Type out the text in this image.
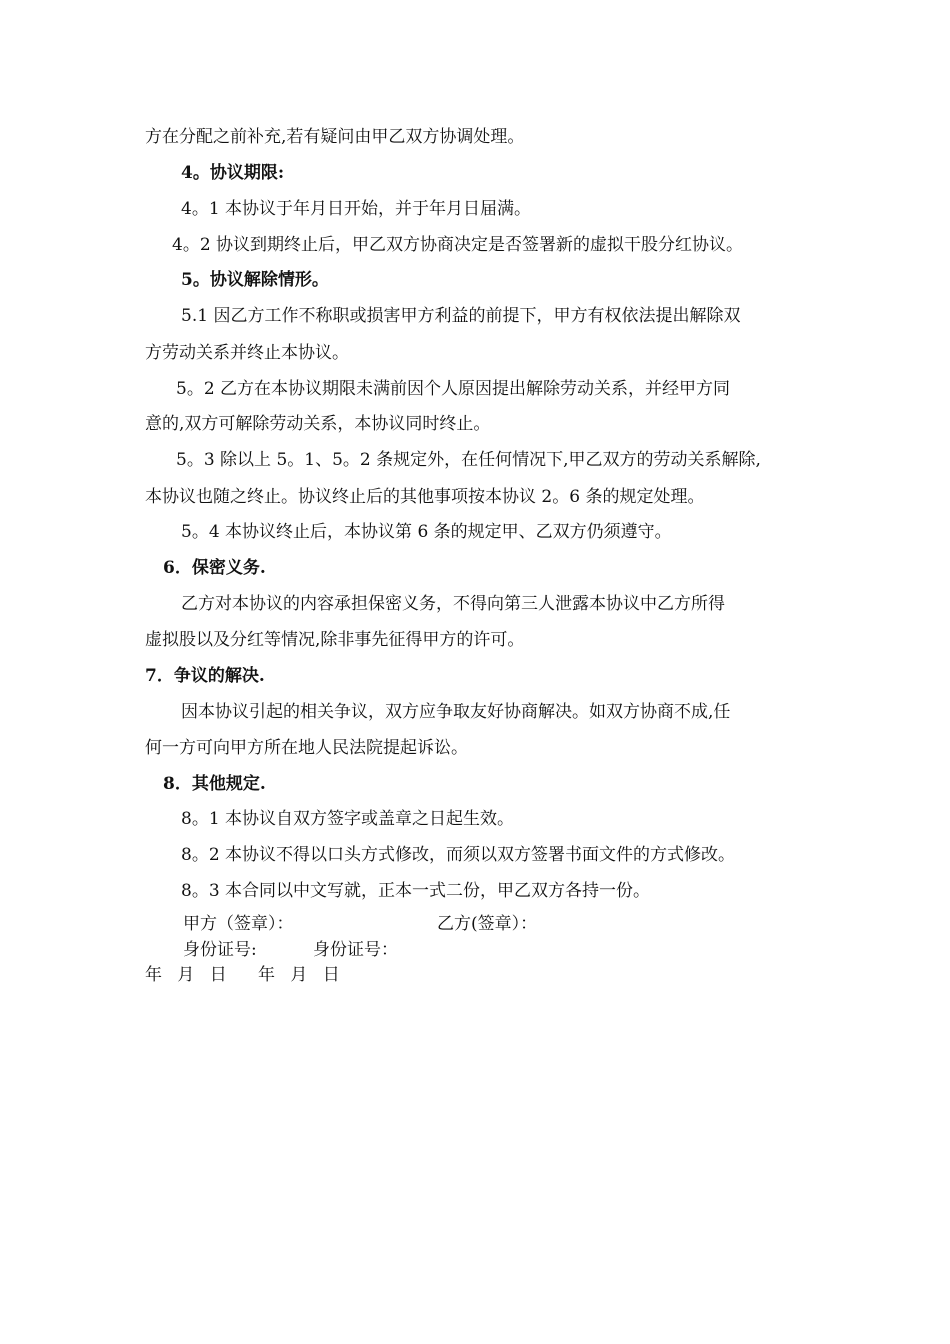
方在分配之前补充,若有疑问由甲乙双方协调处理。
4。协议期限:
4。1 本协议于年月日开始，并于年月日届满。
4。2 协议到期终止后，甲乙双方协商决定是否签署新的虚拟干股分红协议。
5。协议解除情形。
5.1 因乙方工作不称职或损害甲方利益的前提下，甲方有权依法提出解除双
方劳动关系并终止本协议。
5。2 乙方在本协议期限未满前因个人原因提出解除劳动关系，并经甲方同
意的,双方可解除劳动关系，本协议同时终止。
5。3 除以上 5。1、5。2 条规定外，在任何情况下,甲乙双方的劳动关系解除,
本协议也随之终止。协议终止后的其他事项按本协议 2。6 条的规定处理。
5。4 本协议终止后，本协议第 6 条的规定甲、乙双方仍须遵守。
6．保密义务.
乙方对本协议的内容承担保密义务，不得向第三人泄露本协议中乙方所得
虚拟股以及分红等情况,除非事先征得甲方的许可。
7．争议的解决.
因本协议引起的相关争议，双方应争取友好协商解决。如双方协商不成,任
何一方可向甲方所在地人民法院提起诉讼。
8．其他规定.
8。1 本协议自双方签字或盖章之日起生效。
8。2 本协议不得以口头方式修改，而须以双方签署书面文件的方式修改。
8。3 本合同以中文写就，正本一式二份，甲乙双方各持一份。
甲方（签章）：	乙方(签章）：
身份证号:	身份证号：
年 月 日 年 月 日
